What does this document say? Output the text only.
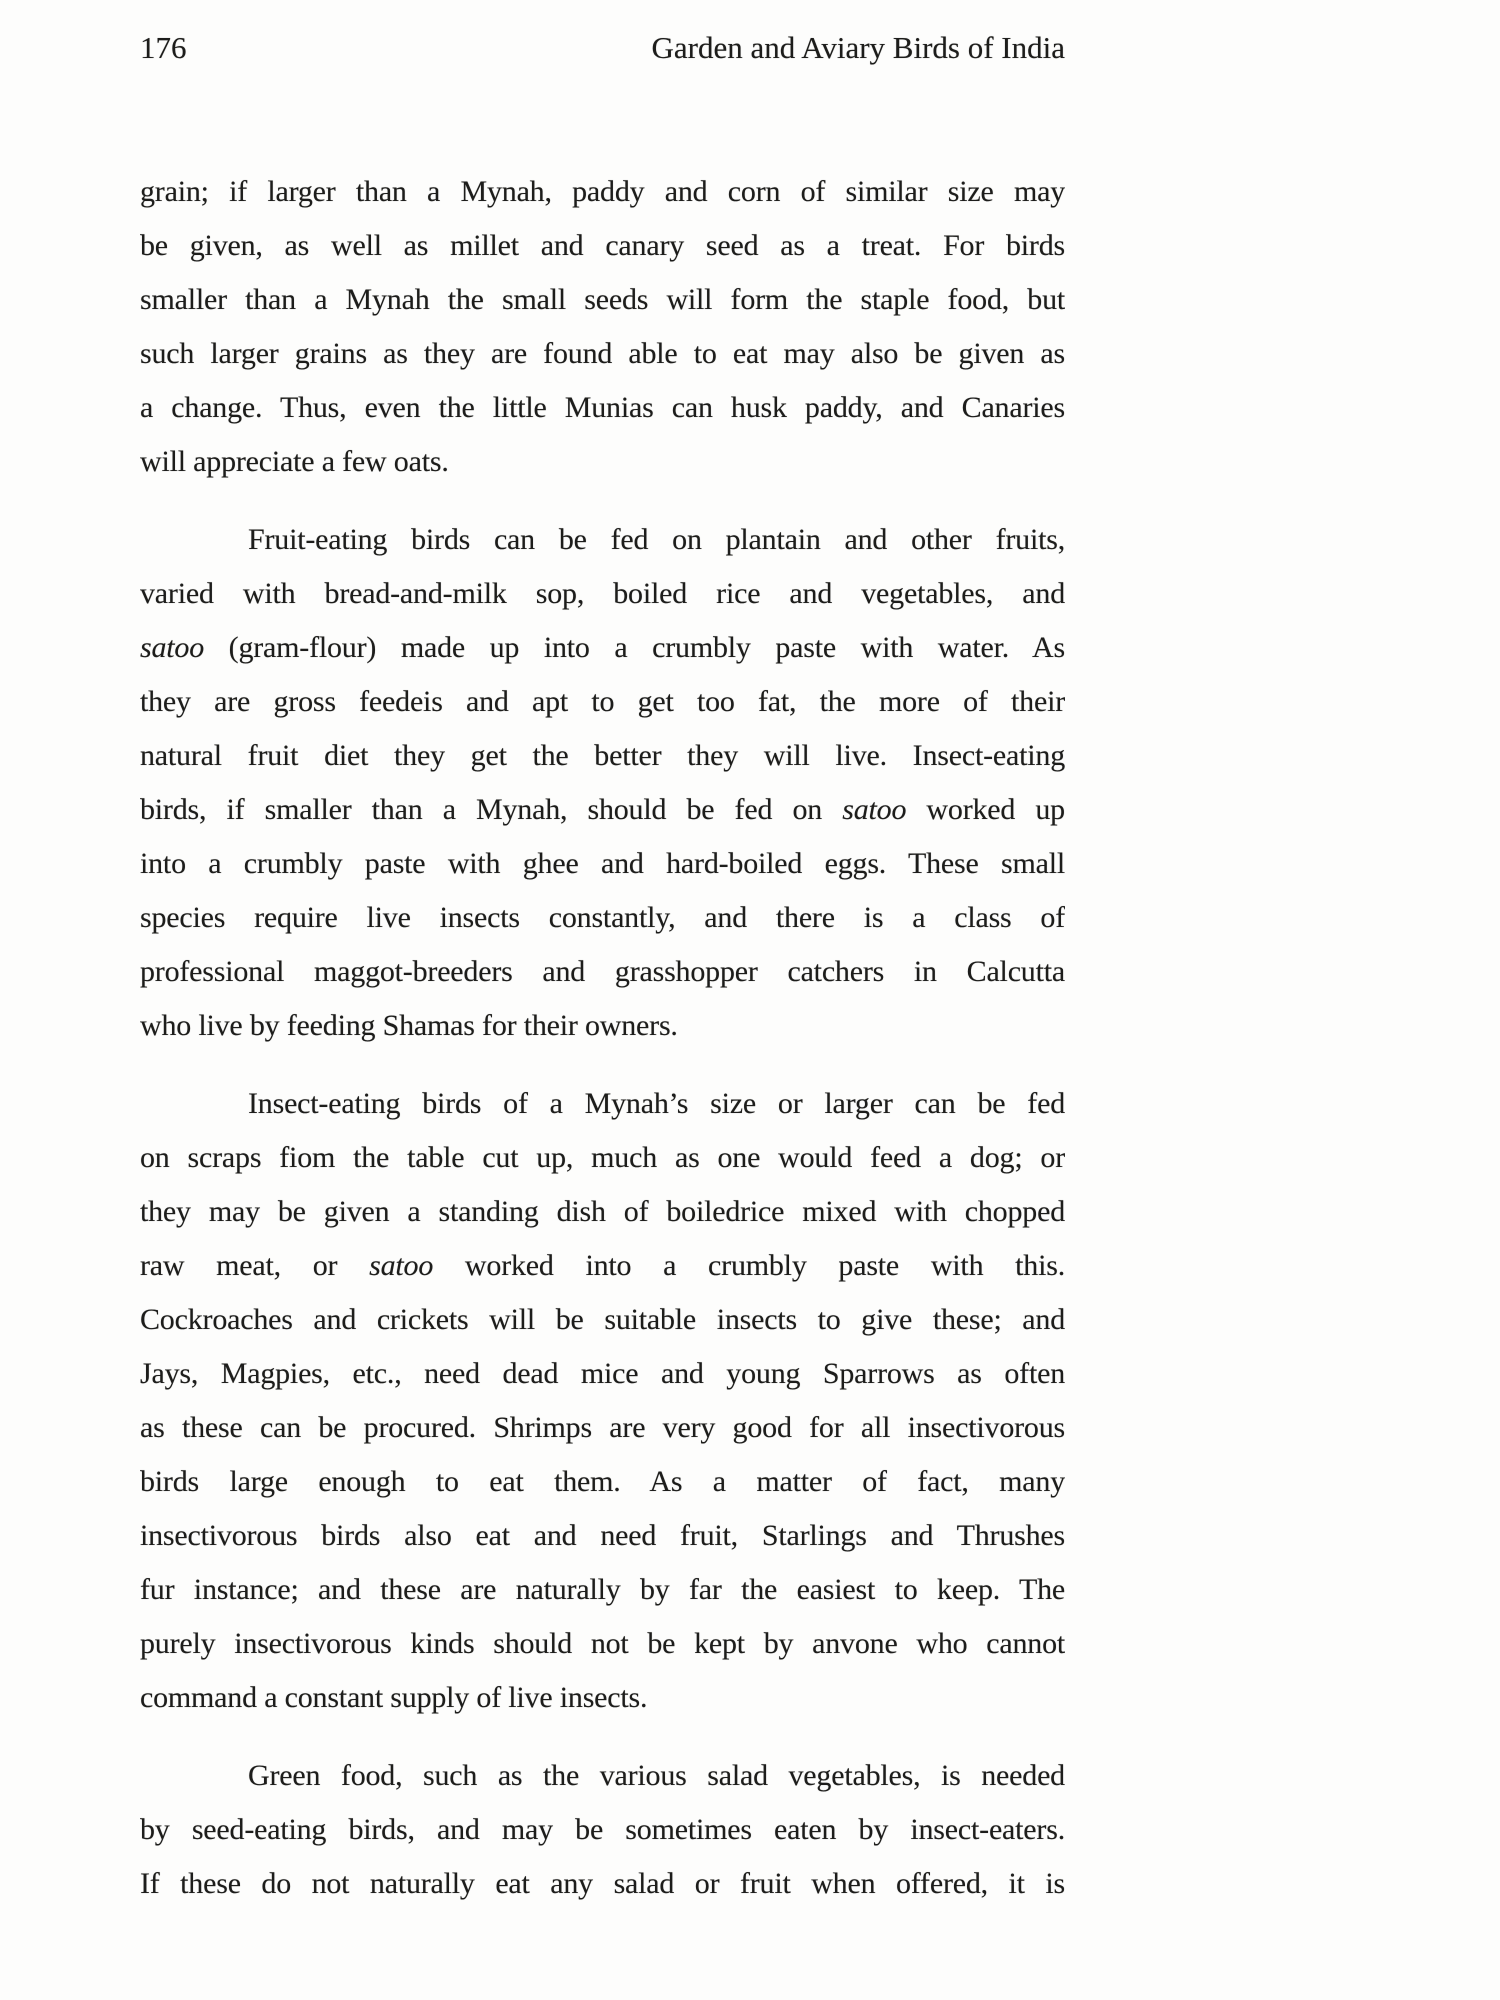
176	Garden and Aviary Birds of India
grain; if larger than a Mynah, paddy and corn of similar size may
be given, as well as millet and canary seed as a treat. For birds
smaller than a Mynah the small seeds will form the staple food, but
such larger grains as they are found able to eat may also be given as
a change. Thus, even the little Munias can husk paddy, and Canaries
will appreciate a few oats.
Fruit-eating birds can be fed on plantain and other fruits,
varied with bread-and-milk sop, boiled rice and vegetables, and
satoo (gram-flour) made up into a crumbly paste with water. As
they are gross feedeis and apt to get too fat, the more of their
natural fruit diet they get the better they will live. Insect-eating
birds, if smaller than a Mynah, should be fed on satoo worked up
into a crumbly paste with ghee and hard-boiled eggs. These small
species require live insects constantly, and there is a class of
professional maggot-breeders and grasshopper catchers in Calcutta
who live by feeding Shamas for their owners.
Insect-eating birds of a Mynah’s size or larger can be fed
on scraps fiom the table cut up, much as one would feed a dog; or
they may be given a standing dish of boiledrice mixed with chopped
raw meat, or satoo worked into a crumbly paste with this.
Cockroaches and crickets will be suitable insects to give these; and
Jays, Magpies, etc., need dead mice and young Sparrows as often
as these can be procured. Shrimps are very good for all insectivorous
birds large enough to eat them. As a matter of fact, many
insectivorous birds also eat and need fruit, Starlings and Thrushes
fur instance; and these are naturally by far the easiest to keep. The
purely insectivorous kinds should not be kept by anvone who cannot
command a constant supply of live insects.
Green food, such as the various salad vegetables, is needed
by seed-eating birds, and may be sometimes eaten by insect-eaters.
If these do not naturally eat any salad or fruit when offered, it is
